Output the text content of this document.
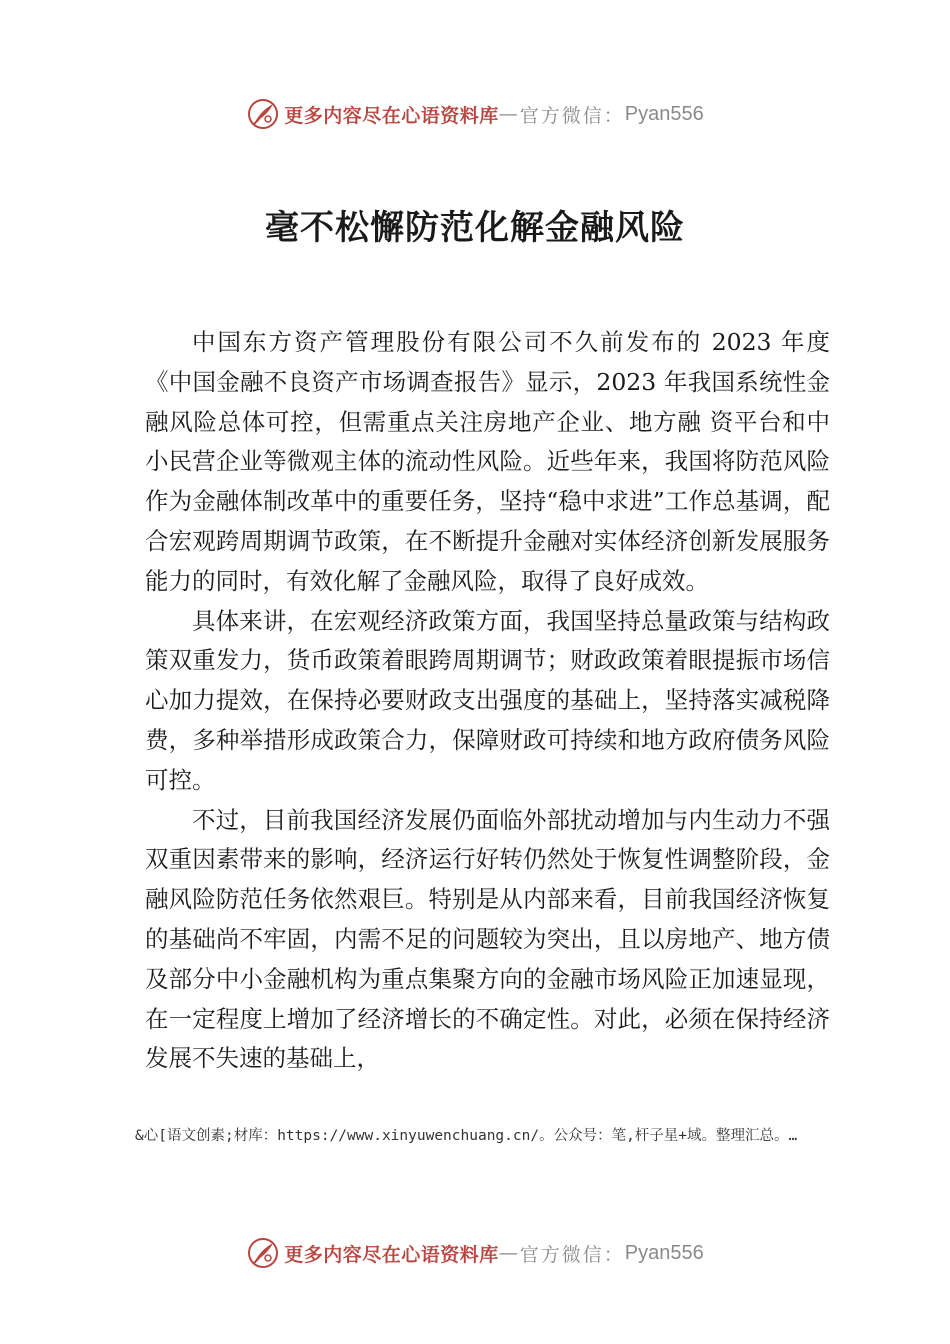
更多内容尽在心语资料库 — 官方微信： Pyan556
毫不松懈防范化解金融风险

中国东方资产管理股份有限公司不久前发布的 2023 年度《中国金融不良资产市场调查报告》显示，2023 年我国系统性金融风险总体可控，但需重点关注房地产企业、地方融 资平台和中小民营企业等微观主体的流动性风险。近些年来，我国将防范风险作为金融体制改革中的重要任务，坚持“稳中求进”工作总基调，配合宏观跨周期调节政策，在不断提升金融对实体经济创新发展服务能力的同时，有效化解了金融风险，取得了良好成效。

具体来讲，在宏观经济政策方面，我国坚持总量政策与结构政策双重发力，货币政策着眼跨周期调节；财政政策着眼提振市场信心加力提效，在保持必要财政支出强度的基础上，坚持落实减税降费，多种举措形成政策合力，保障财政可持续和地方政府债务风险可控。

不过，目前我国经济发展仍面临外部扰动增加与内生动力不强双重因素带来的影响，经济运行好转仍然处于恢复性调整阶段，金融风险防范任务依然艰巨。特别是从内部来看，目前我国经济恢复的基础尚不牢固，内需不足的问题较为突出，且以房地产、地方债及部分中小金融机构为重点集聚方向的金融市场风险正加速显现，在一定程度上增加了经济增长的不确定性。对此，必须在保持经济发展不失速的基础上，

&心[语文创素;材库：https://www.xinyuwenchuang.cn/。公众号：笔,杆子星+域。整理汇总。…
更多内容尽在心语资料库 — 官方微信： Pyan556
